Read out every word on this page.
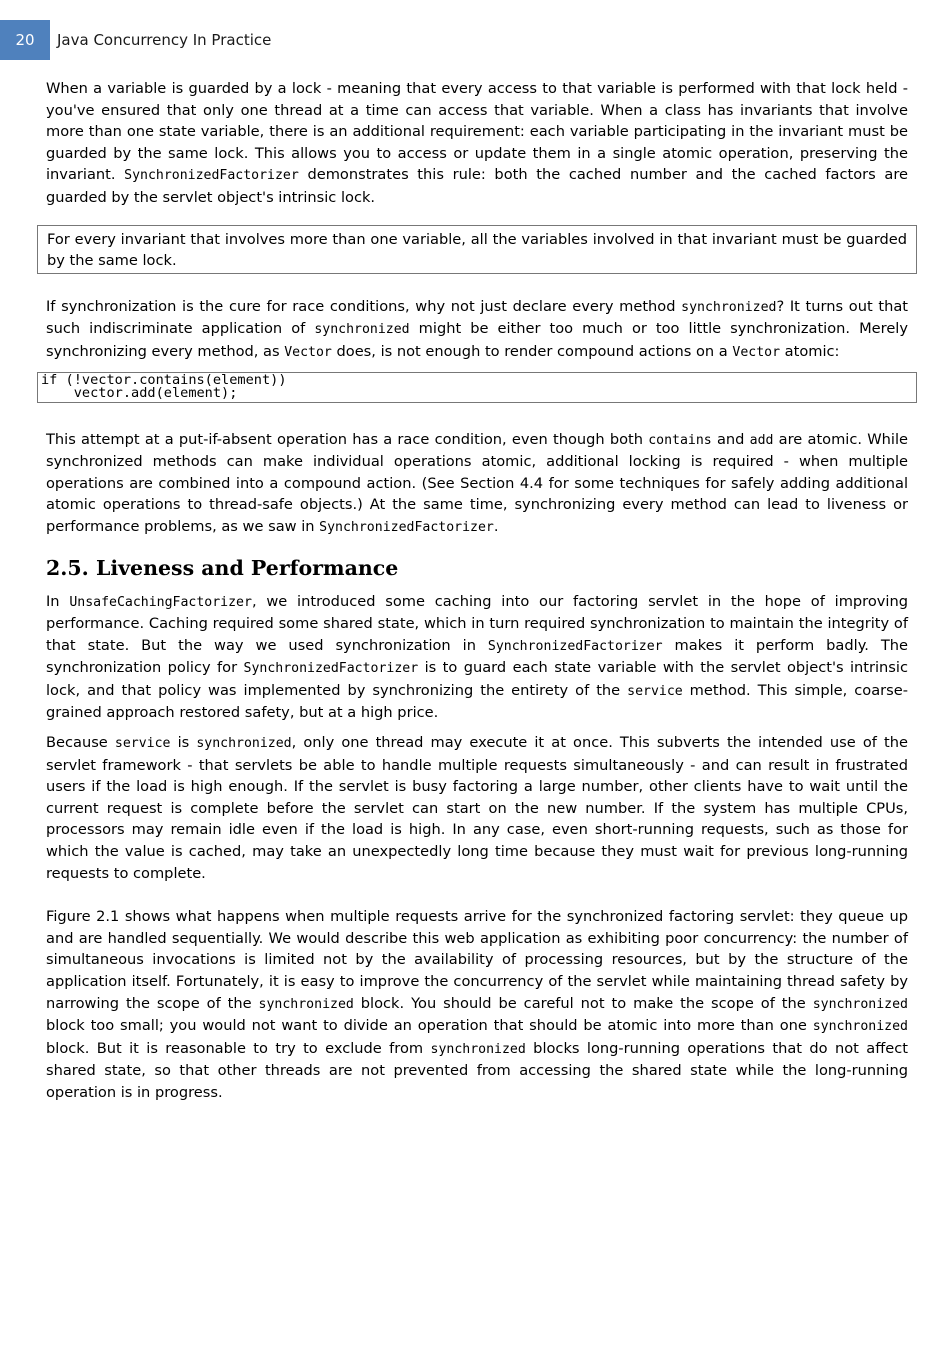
20	Java Concurrency In Practice

When a variable is guarded by a lock - meaning that every access to that variable is performed with that lock held - you've ensured that only one thread at a time can access that variable. When a class has invariants that involve more than one state variable, there is an additional requirement: each variable participating in the invariant must be guarded by the same lock. This allows you to access or update them in a single atomic operation, preserving the invariant. SynchronizedFactorizer demonstrates this rule: both the cached number and the cached factors are guarded by the servlet object's intrinsic lock.

For every invariant that involves more than one variable, all the variables involved in that invariant must be guarded by the same lock.

If synchronization is the cure for race conditions, why not just declare every method synchronized? It turns out that such indiscriminate application of synchronized might be either too much or too little synchronization. Merely synchronizing every method, as Vector does, is not enough to render compound actions on a Vector atomic:

if (!vector.contains(element))
vector.add(element);

This attempt at a put-if-absent operation has a race condition, even though both contains and add are atomic. While synchronized methods can make individual operations atomic, additional locking is required - when multiple operations are combined into a compound action. (See Section 4.4 for some techniques for safely adding additional atomic operations to thread-safe objects.) At the same time, synchronizing every method can lead to liveness or performance problems, as we saw in SynchronizedFactorizer.

2.5. Liveness and Performance

In UnsafeCachingFactorizer, we introduced some caching into our factoring servlet in the hope of improving performance. Caching required some shared state, which in turn required synchronization to maintain the integrity of that state. But the way we used synchronization in SynchronizedFactorizer makes it perform badly. The synchronization policy for SynchronizedFactorizer is to guard each state variable with the servlet object's intrinsic lock, and that policy was implemented by synchronizing the entirety of the service method. This simple, coarse-grained approach restored safety, but at a high price.

Because service is synchronized, only one thread may execute it at once. This subverts the intended use of the servlet framework - that servlets be able to handle multiple requests simultaneously - and can result in frustrated users if the load is high enough. If the servlet is busy factoring a large number, other clients have to wait until the current request is complete before the servlet can start on the new number. If the system has multiple CPUs, processors may remain idle even if the load is high. In any case, even short-running requests, such as those for which the value is cached, may take an unexpectedly long time because they must wait for previous long-running requests to complete.

Figure 2.1 shows what happens when multiple requests arrive for the synchronized factoring servlet: they queue up and are handled sequentially. We would describe this web application as exhibiting poor concurrency: the number of simultaneous invocations is limited not by the availability of processing resources, but by the structure of the application itself. Fortunately, it is easy to improve the concurrency of the servlet while maintaining thread safety by narrowing the scope of the synchronized block. You should be careful not to make the scope of the synchronized block too small; you would not want to divide an operation that should be atomic into more than one synchronized block. But it is reasonable to try to exclude from synchronized blocks long-running operations that do not affect shared state, so that other threads are not prevented from accessing the shared state while the long-running operation is in progress.
